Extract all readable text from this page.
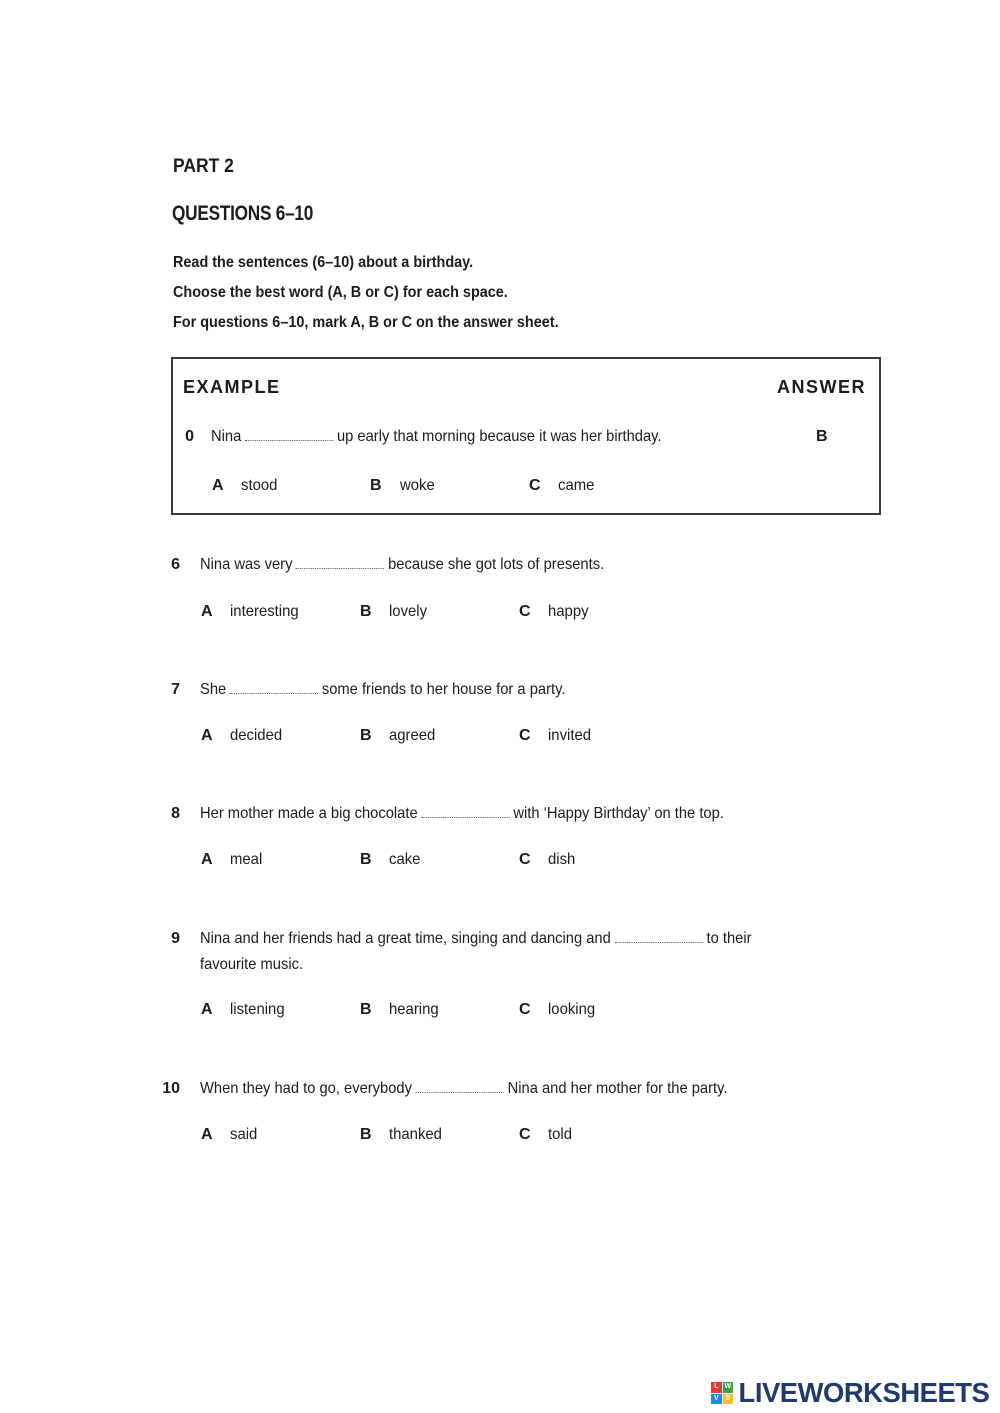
PART 2
QUESTIONS 6–10
Read the sentences (6–10) about a birthday.
Choose the best word (A, B or C) for each space.
For questions 6–10, mark A, B or C on the answer sheet.
EXAMPLE	ANSWER
0 Nina	up early that morning because it was her birthday.	B
A stood	B woke	C came
6 Nina was very	because she got lots of presents.
A interesting	B lovely	C happy
7 She	some friends to her house for a party.
A decided	B agreed	C invited
8 Her mother made a big chocolate	with ‘Happy Birthday’ on the top.
A meal	B cake	C dish
9 Nina and her friends had a great time, singing and dancing and	to their
favourite music.
A listening	B hearing	C looking
10 When they had to go, everybody	Nina and her mother for the party.
A said	B thanked	C told
L W
V S LIVEWORKSHEETS
